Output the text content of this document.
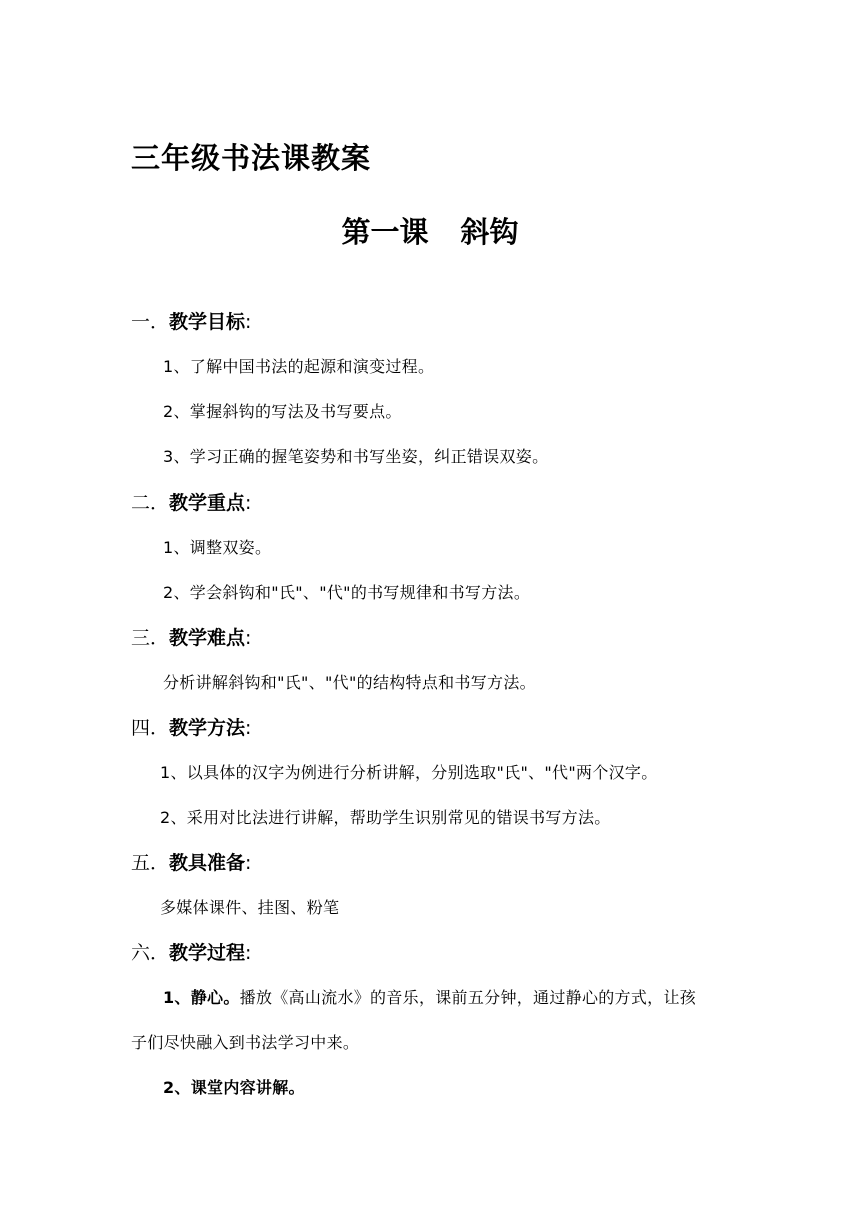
三年级书法课教案
第一课 斜钩
一．教学目标:
1、了解中国书法的起源和演变过程。
2、掌握斜钩的写法及书写要点。
3、学习正确的握笔姿势和书写坐姿，纠正错误双姿。
二．教学重点:
1、调整双姿。
2、学会斜钩和"氏"、"代"的书写规律和书写方法。
三．教学难点:
分析讲解斜钩和"氏"、"代"的结构特点和书写方法。
四．教学方法:
1、以具体的汉字为例进行分析讲解，分别选取"氏"、"代"两个汉字。
2、采用对比法进行讲解，帮助学生识别常见的错误书写方法。
五．教具准备:
多媒体课件、挂图、粉笔
六．教学过程:
1、静心。播放《高山流水》的音乐，课前五分钟，通过静心的方式，让孩
子们尽快融入到书法学习中来。
2、课堂内容讲解。
